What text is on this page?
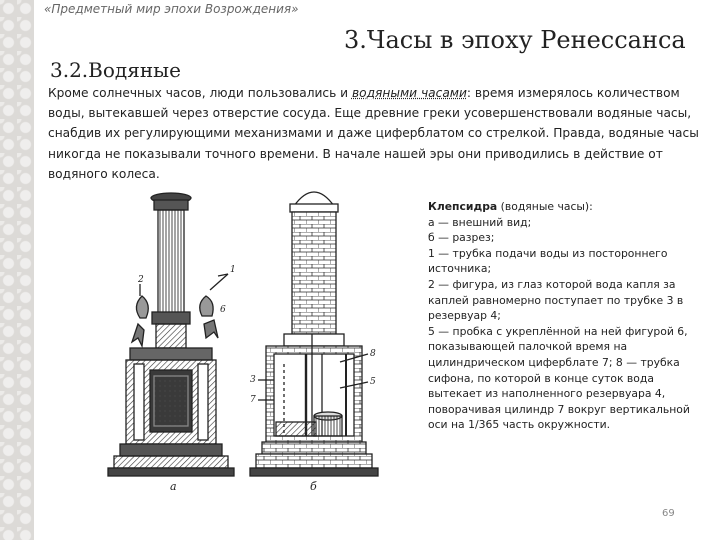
«Предметный мир эпохи Возрождения»
3.Часы в эпоху Ренессанса
3.2.Водяные
Кроме солнечных часов, люди пользовались и водяными часами: время измерялось количеством воды, вытекавшей через отверстие сосуда. Еще древние греки усовершенствовали водяные часы, снабдив их регулирующими механизмами и даже циферблатом со стрелкой. Правда, водяные часы никогда не показывали точного времени. В начале нашей эры они приводились в действие от водяного колеса.
2
1
6
3
7
8
5
а	б
Клепсидра (водяные часы):
а — внешний вид;
б — разрез;
1 — трубка подачи воды из постороннего источника;
2 — фигура, из глаз которой вода капля за каплей равномерно поступает по трубке 3 в резервуар 4;
5 — пробка с укреплённой на ней фигурой 6, показывающей палочкой время на цилиндрическом циферблате 7; 8 — трубка сифона, по которой в конце суток вода вытекает из наполненного резервуара 4, поворачивая цилиндр 7 вокруг вертикальной оси на 1/365 часть окружности.
69
